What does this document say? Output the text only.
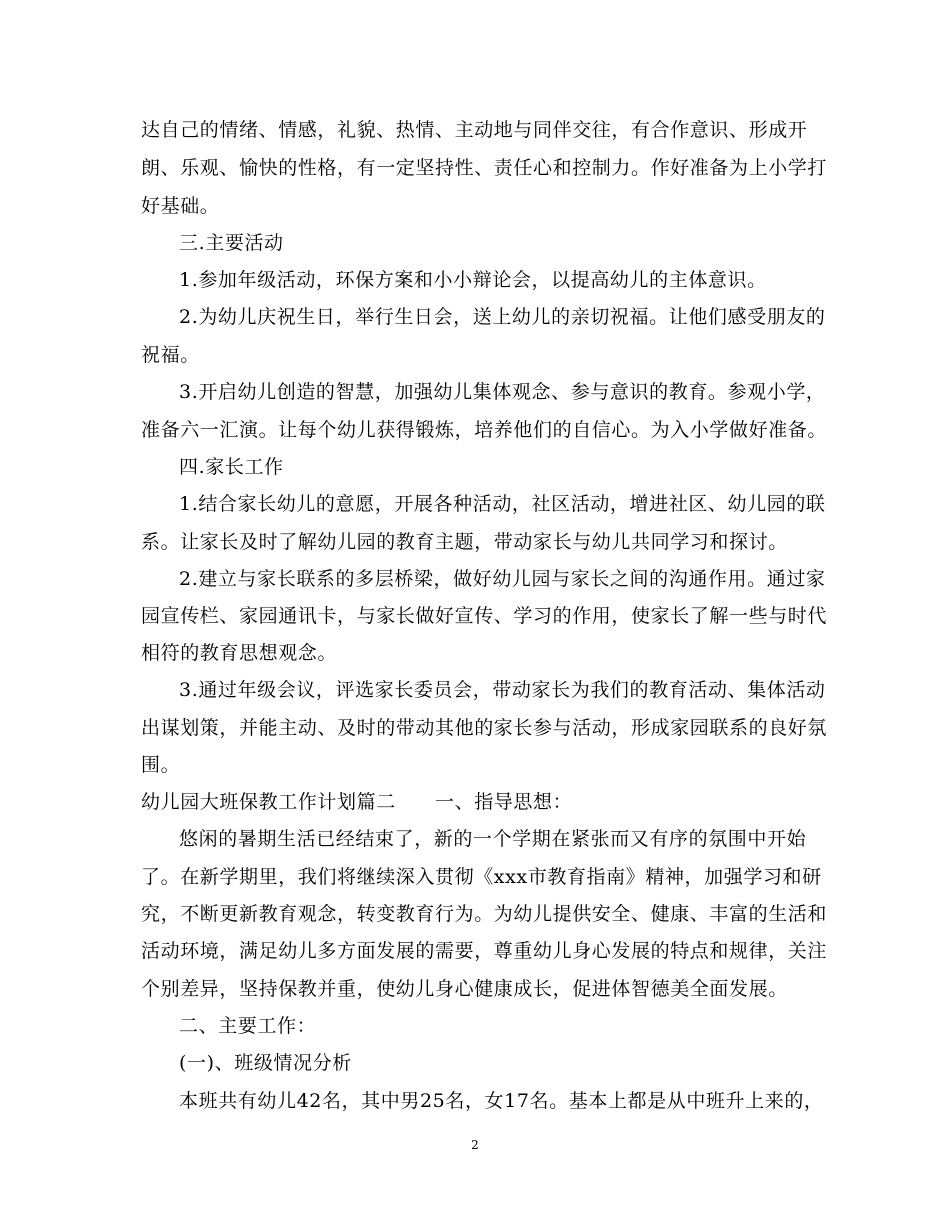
达自己的情绪、情感，礼貌、热情、主动地与同伴交往，有合作意识、形成开
朗、乐观、愉快的性格，有一定坚持性、责任心和控制力。作好准备为上小学打
好基础。
三.主要活动
1.参加年级活动，环保方案和小小辩论会，以提高幼儿的主体意识。
2.为幼儿庆祝生日，举行生日会，送上幼儿的亲切祝福。让他们感受朋友的
祝福。
3.开启幼儿创造的智慧，加强幼儿集体观念、参与意识的教育。参观小学，
准备六一汇演。让每个幼儿获得锻炼，培养他们的自信心。为入小学做好准备。
四.家长工作
1.结合家长幼儿的意愿，开展各种活动，社区活动，增进社区、幼儿园的联
系。让家长及时了解幼儿园的教育主题，带动家长与幼儿共同学习和探讨。
2.建立与家长联系的多层桥梁，做好幼儿园与家长之间的沟通作用。通过家
园宣传栏、家园通讯卡，与家长做好宣传、学习的作用，使家长了解一些与时代
相符的教育思想观念。
3.通过年级会议，评选家长委员会，带动家长为我们的教育活动、集体活动
出谋划策，并能主动、及时的带动其他的家长参与活动，形成家园联系的良好氛
围。
幼儿园大班保教工作计划篇二　　一、指导思想：
悠闲的暑期生活已经结束了，新的一个学期在紧张而又有序的氛围中开始
了。在新学期里，我们将继续深入贯彻《xxx市教育指南》精神，加强学习和研
究，不断更新教育观念，转变教育行为。为幼儿提供安全、健康、丰富的生活和
活动环境，满足幼儿多方面发展的需要，尊重幼儿身心发展的特点和规律，关注
个别差异，坚持保教并重，使幼儿身心健康成长，促进体智德美全面发展。
二、主要工作：
(一)、班级情况分析
本班共有幼儿42名，其中男25名，女17名。基本上都是从中班升上来的，
2
